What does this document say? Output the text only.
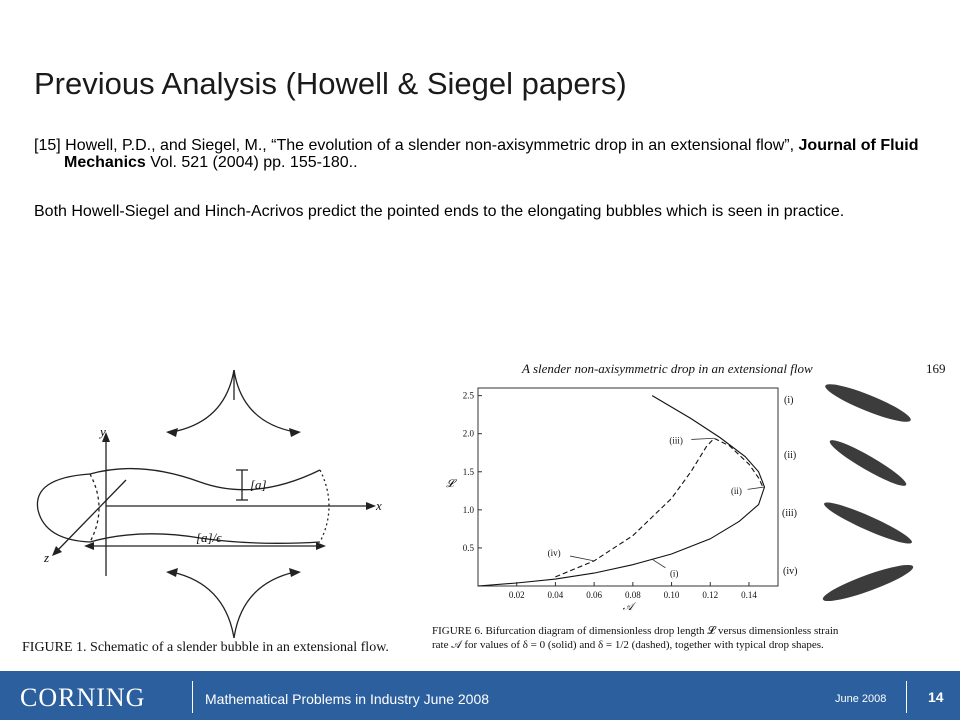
Previous Analysis (Howell & Siegel papers)
[15] Howell, P.D., and Siegel, M., “The evolution of a slender non-axisymmetric drop in an extensional flow”, Journal of Fluid Mechanics Vol. 521 (2004) pp. 155-180..
Both Howell-Siegel and Hinch-Acrivos predict the pointed ends to the elongating bubbles which is seen in practice.
y
x
z
[a]
[a]/ϵ
FIGURE 1. Schematic of a slender bubble in an extensional flow.
A slender non-axisymmetric drop in an extensional flow	169
0.02	0.04	0.06	0.08	0.10	0.12	0.14
0.5
1.0
1.5
2.0
2.5
𝒜
𝓛
(i)
(ii)
(iii)
(iv)
(i)
(ii)
(iii)
(iv)
FIGURE 6. Bifurcation diagram of dimensionless drop length 𝓛 versus dimensionless strain
rate 𝒜 for values of δ = 0 (solid) and δ = 1/2 (dashed), together with typical drop shapes.
CORNING	Mathematical Problems in Industry June 2008	June 2008	14
